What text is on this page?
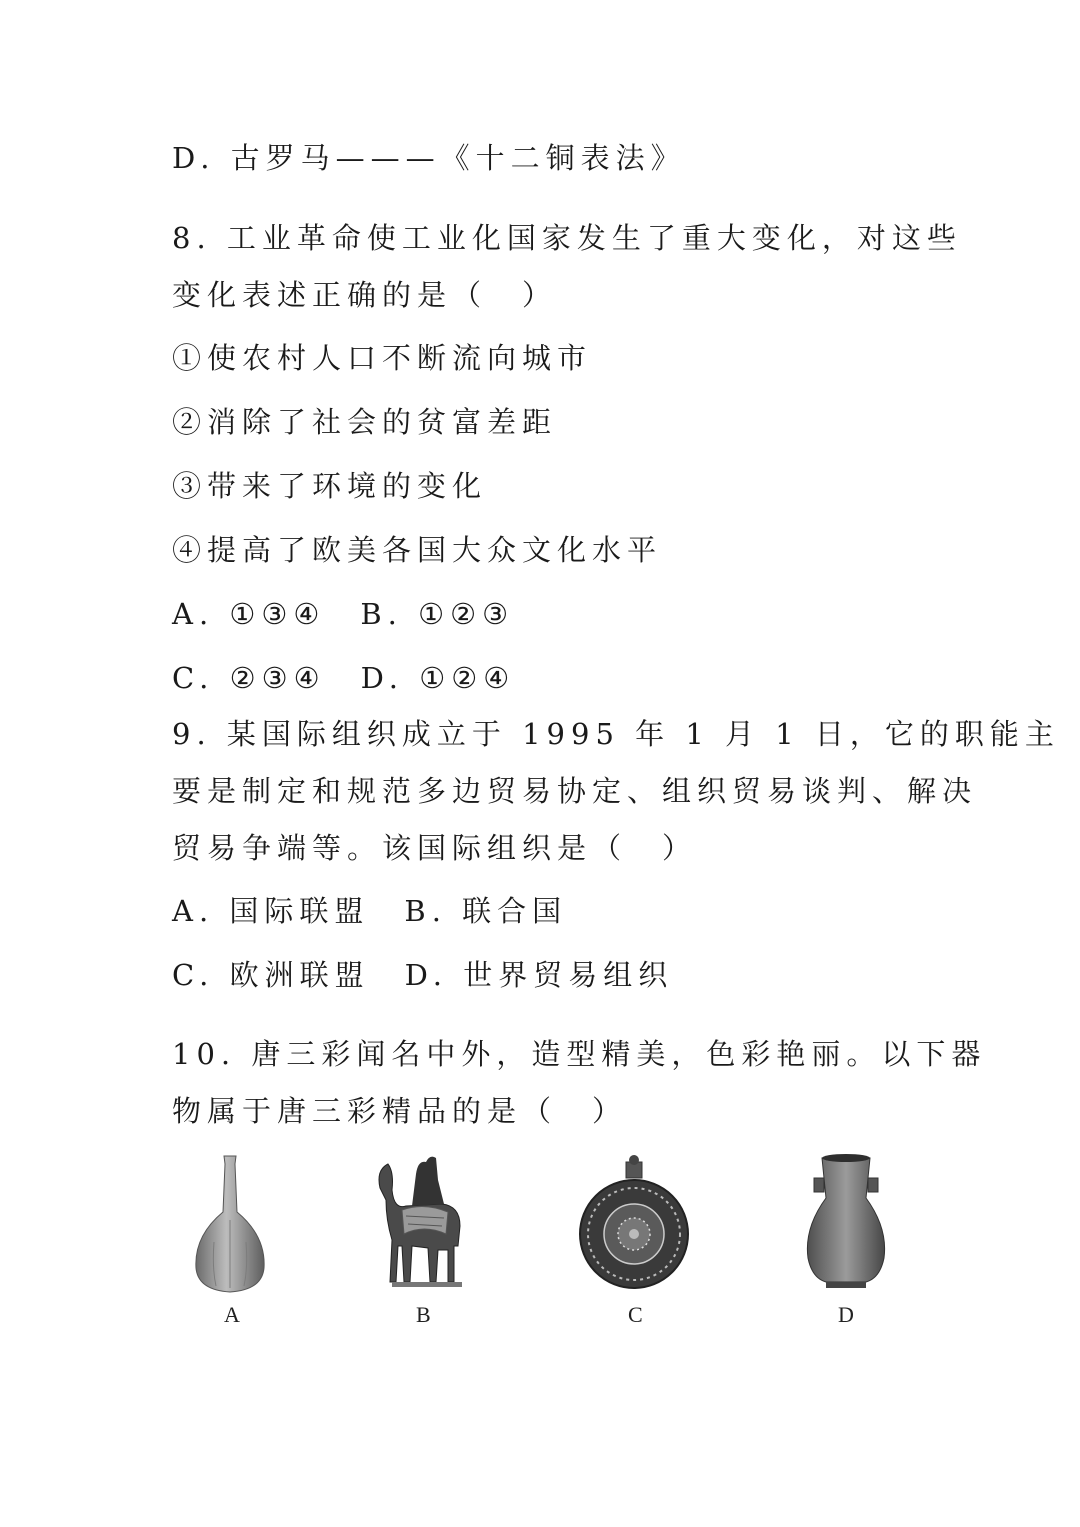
D. 古罗马———《十二铜表法》
8. 工业革命使工业化国家发生了重大变化，对这些
变化表述正确的是（　）
①使农村人口不断流向城市
②消除了社会的贫富差距
③带来了环境的变化
④提高了欧美各国大众文化水平
A. ①③④　B. ①②③
C. ②③④　D. ①②④
9. 某国际组织成立于 1995 年 1 月 1 日，它的职能主
要是制定和规范多边贸易协定、组织贸易谈判、解决
贸易争端等。该国际组织是（　）
A. 国际联盟　B. 联合国
C. 欧洲联盟　D. 世界贸易组织
10. 唐三彩闻名中外，造型精美，色彩艳丽。以下器
物属于唐三彩精品的是（　）
A	B	C	D
